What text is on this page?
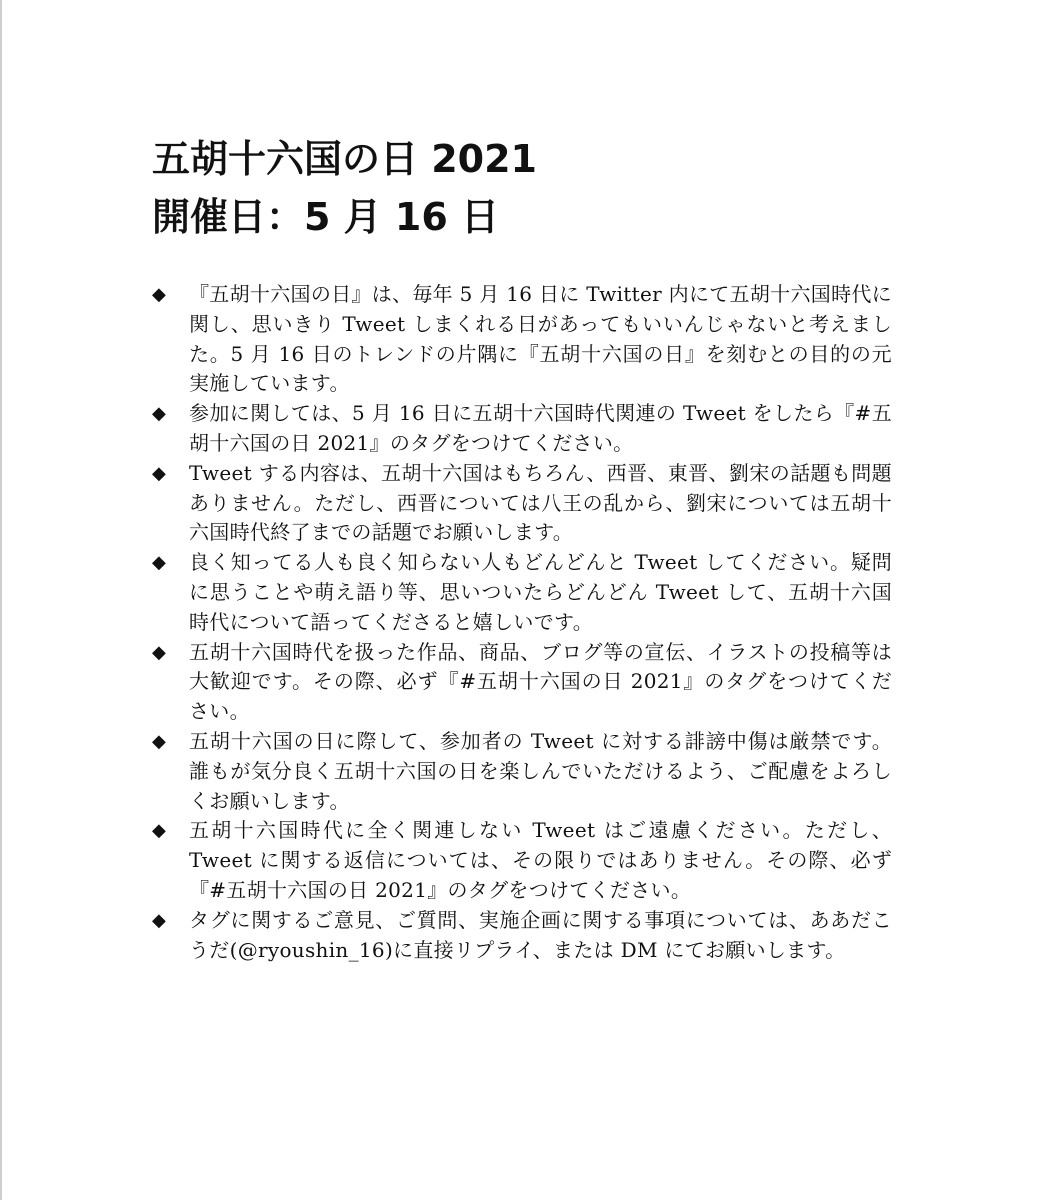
五胡十六国の日 2021
開催日：5 月 16 日
◆ 『五胡十六国の日』は、毎年 5 月 16 日に Twitter 内にて五胡十六国時代に関し、思いきり Tweet しまくれる日があってもいいんじゃないと考えました。5 月 16 日のトレンドの片隅に『五胡十六国の日』を刻むとの目的の元実施しています。
◆ 参加に関しては、5 月 16 日に五胡十六国時代関連の Tweet をしたら『#五胡十六国の日 2021』のタグをつけてください。
◆ Tweet する内容は、五胡十六国はもちろん、西晋、東晋、劉宋の話題も問題ありません。ただし、西晋については八王の乱から、劉宋については五胡十六国時代終了までの話題でお願いします。
◆ 良く知ってる人も良く知らない人もどんどんと Tweet してください。疑問に思うことや萌え語り等、思いついたらどんどん Tweet して、五胡十六国時代について語ってくださると嬉しいです。
◆ 五胡十六国時代を扱った作品、商品、ブログ等の宣伝、イラストの投稿等は大歓迎です。その際、必ず『#五胡十六国の日 2021』のタグをつけてください。
◆ 五胡十六国の日に際して、参加者の Tweet に対する誹謗中傷は厳禁です。誰もが気分良く五胡十六国の日を楽しんでいただけるよう、ご配慮をよろしくお願いします。
◆ 五胡十六国時代に全く関連しない Tweet はご遠慮ください。ただし、Tweet に関する返信については、その限りではありません。その際、必ず 『#五胡十六国の日 2021』のタグをつけてください。
◆ タグに関するご意見、ご質問、実施企画に関する事項については、ああだこうだ(@ryoushin_16)に直接リプライ、または DM にてお願いします。
